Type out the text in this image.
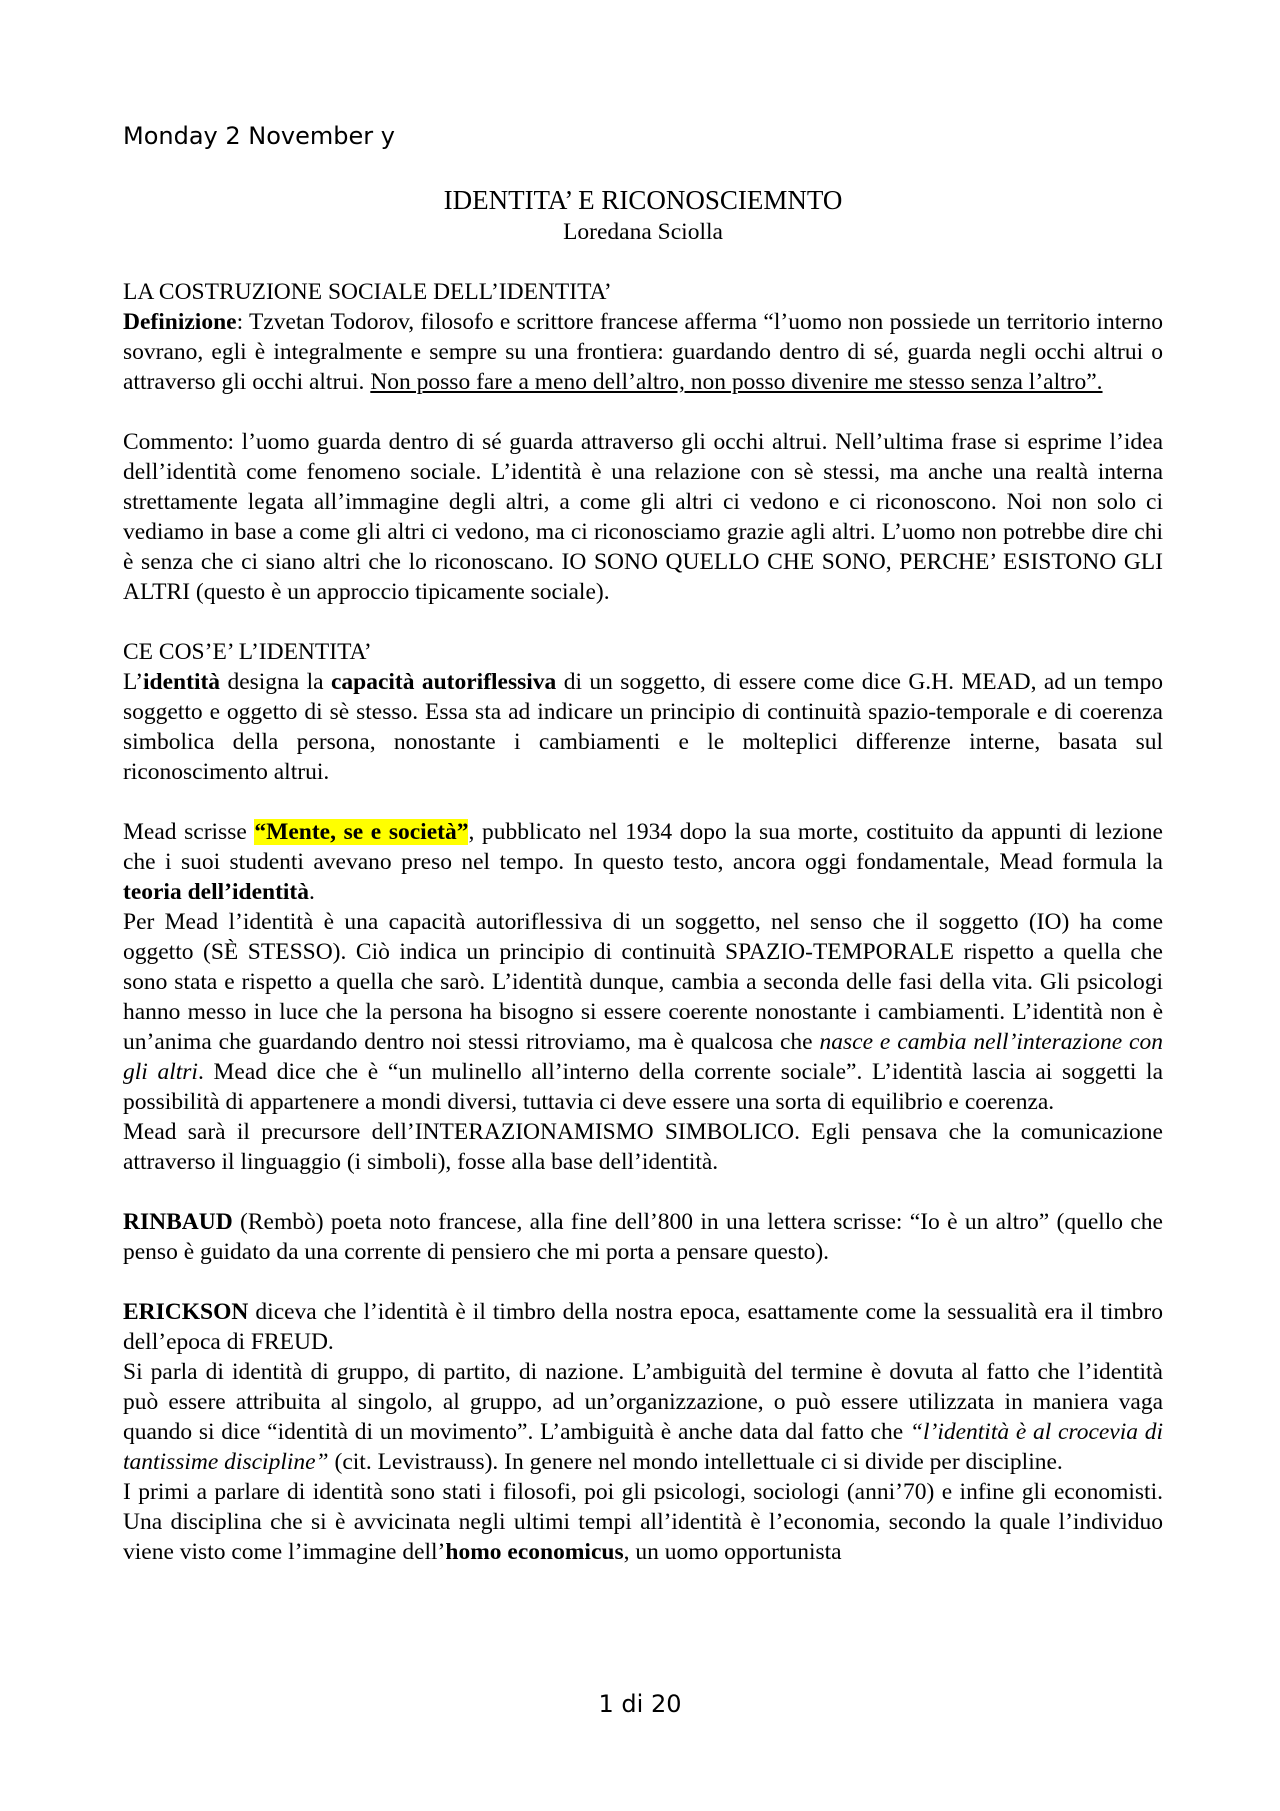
Monday 2 November y

IDENTITA’ E RICONOSCIEMNTO

Loredana Sciolla

LA COSTRUZIONE SOCIALE DELL’IDENTITA’

Definizione: Tzvetan Todorov, filosofo e scrittore francese afferma “l’uomo non possiede un territorio interno sovrano, egli è integralmente e sempre su una frontiera: guardando dentro di sé, guarda negli occhi altrui o attraverso gli occhi altrui. Non posso fare a meno dell’altro, non posso divenire me stesso senza l’altro”.

Commento: l’uomo guarda dentro di sé guarda attraverso gli occhi altrui. Nell’ultima frase si esprime l’idea dell’identità come fenomeno sociale. L’identità è una relazione con sè stessi, ma anche una realtà interna strettamente legata all’immagine degli altri, a come gli altri ci vedono e ci riconoscono. Noi non solo ci vediamo in base a come gli altri ci vedono, ma ci riconosciamo grazie agli altri. L’uomo non potrebbe dire chi è senza che ci siano altri che lo riconoscano. IO SONO QUELLO CHE SONO, PERCHE’ ESISTONO GLI ALTRI (questo è un approccio tipicamente sociale).

CE COS’E’ L’IDENTITA’

L’identità designa la capacità autoriflessiva di un soggetto, di essere come dice G.H. MEAD, ad un tempo soggetto e oggetto di sè stesso. Essa sta ad indicare un principio di continuità spazio-temporale e di coerenza simbolica della persona, nonostante i cambiamenti e le molteplici differenze interne, basata sul riconoscimento altrui.

Mead scrisse “Mente, se e società”, pubblicato nel 1934 dopo la sua morte, costituito da appunti di lezione che i suoi studenti avevano preso nel tempo. In questo testo, ancora oggi fondamentale, Mead formula la teoria dell’identità.

Per Mead l’identità è una capacità autoriflessiva di un soggetto, nel senso che il soggetto (IO) ha come oggetto (SÈ STESSO). Ciò indica un principio di continuità SPAZIO-TEMPORALE rispetto a quella che sono stata e rispetto a quella che sarò. L’identità dunque, cambia a seconda delle fasi della vita. Gli psicologi hanno messo in luce che la persona ha bisogno si essere coerente nonostante i cambiamenti. L’identità non è un’anima che guardando dentro noi stessi ritroviamo, ma è qualcosa che nasce e cambia nell’interazione con gli altri. Mead dice che è “un mulinello all’interno della corrente sociale”. L’identità lascia ai soggetti la possibilità di appartenere a mondi diversi, tuttavia ci deve essere una sorta di equilibrio e coerenza.

Mead sarà il precursore dell’INTERAZIONAMISMO SIMBOLICO. Egli pensava che la comunicazione attraverso il linguaggio (i simboli), fosse alla base dell’identità.

RINBAUD (Rembò) poeta noto francese, alla fine dell’800 in una lettera scrisse: “Io è un altro” (quello che penso è guidato da una corrente di pensiero che mi porta a pensare questo).

ERICKSON diceva che l’identità è il timbro della nostra epoca, esattamente come la sessualità era il timbro dell’epoca di FREUD.

Si parla di identità di gruppo, di partito, di nazione. L’ambiguità del termine è dovuta al fatto che l’identità può essere attribuita al singolo, al gruppo, ad un’organizzazione, o può essere utilizzata in maniera vaga quando si dice “identità di un movimento”. L’ambiguità è anche data dal fatto che “l’identità è al crocevia di tantissime discipline” (cit. Levistrauss). In genere nel mondo intellettuale ci si divide per discipline.

I primi a parlare di identità sono stati i filosofi, poi gli psicologi, sociologi (anni’70) e infine gli economisti. Una disciplina che si è avvicinata negli ultimi tempi all’identità è l’economia, secondo la quale l’individuo viene visto come l’immagine dell’homo economicus, un uomo opportunista

1 di 20
